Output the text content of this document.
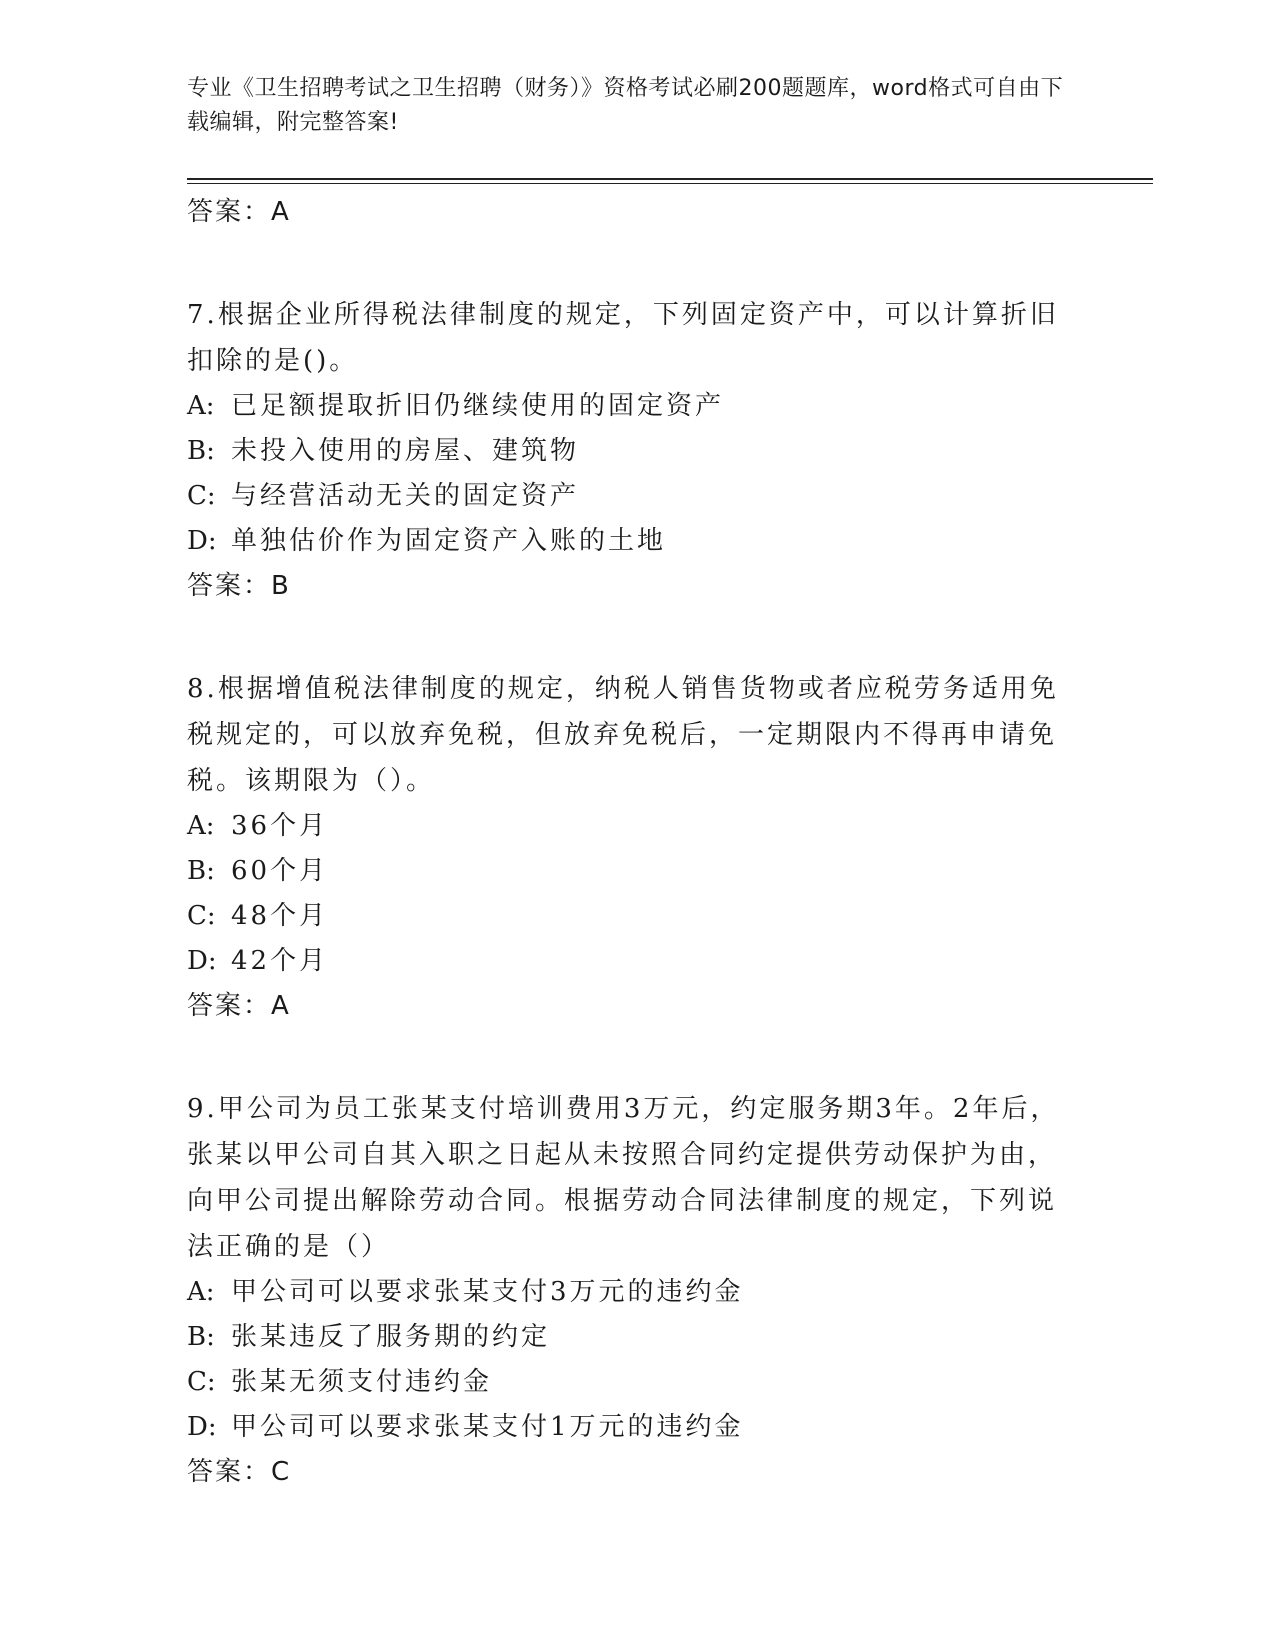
专业《卫生招聘考试之卫生招聘（财务）》资格考试必刷200题题库，word格式可自由下载编辑，附完整答案!

答案：A

7.根据企业所得税法律制度的规定，下列固定资产中，可以计算折旧扣除的是()。

A: 已足额提取折旧仍继续使用的固定资产

B: 未投入使用的房屋、建筑物

C: 与经营活动无关的固定资产

D: 单独估价作为固定资产入账的土地

答案：B

8.根据增值税法律制度的规定，纳税人销售货物或者应税劳务适用免税规定的，可以放弃免税，但放弃免税后，一定期限内不得再申请免税。该期限为（）。

A: 36个月

B: 60个月

C: 48个月

D: 42个月

答案：A

9.甲公司为员工张某支付培训费用3万元，约定服务期3年。2年后，张某以甲公司自其入职之日起从未按照合同约定提供劳动保护为由，向甲公司提出解除劳动合同。根据劳动合同法律制度的规定，下列说法正确的是（）

A: 甲公司可以要求张某支付3万元的违约金

B: 张某违反了服务期的约定

C: 张某无须支付违约金

D: 甲公司可以要求张某支付1万元的违约金

答案：C
